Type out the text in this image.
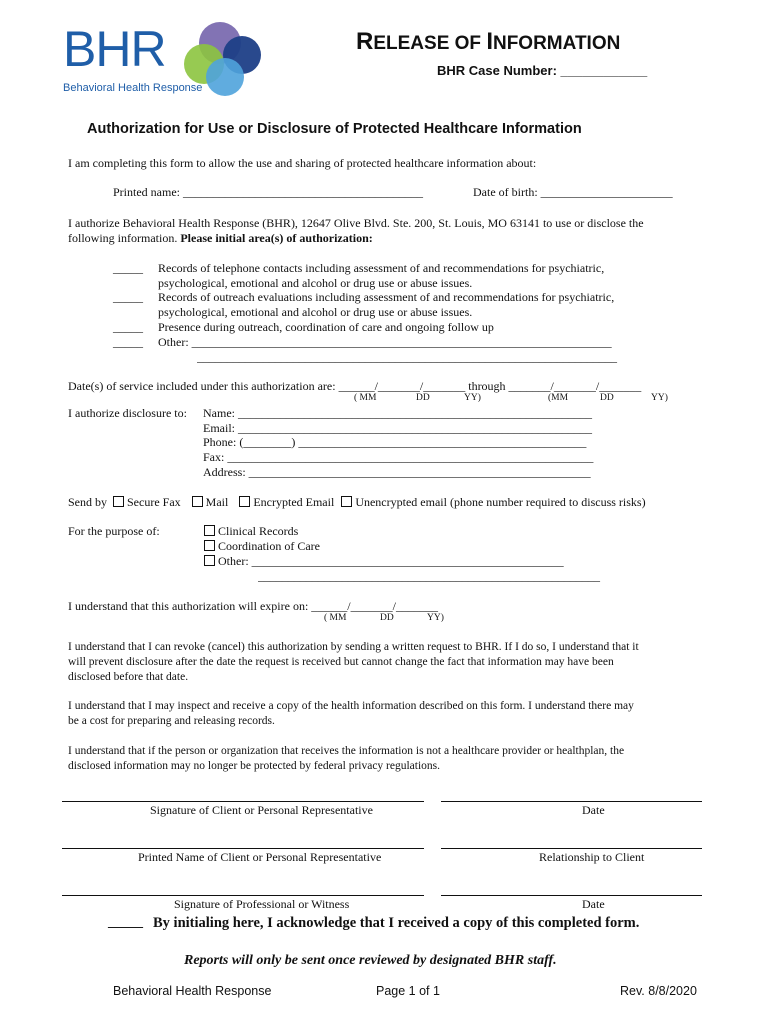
BHR
Behavioral Health Response
RELEASE OF INFORMATION
BHR Case Number: ____________
Authorization for Use or Disclosure of Protected Healthcare Information
I am completing this form to allow the use and sharing of protected healthcare information about:
Printed name: ________________________________________	Date of birth: ______________________
I authorize Behavioral Health Response (BHR), 12647 Olive Blvd. Ste. 200, St. Louis, MO 63141 to use or disclose the
following information. Please initial area(s) of authorization:
_____ Records of telephone contacts including assessment of and recommendations for psychiatric,
psychological, emotional and alcohol or drug use or abuse issues.
_____ Records of outreach evaluations including assessment of and recommendations for psychiatric,
psychological, emotional and alcohol or drug use or abuse issues.
_____ Presence during outreach, coordination of care and ongoing follow up
_____ Other: ______________________________________________________________________
______________________________________________________________________
Date(s) of service included under this authorization are: ______/_______/_______ through _______/_______/_______
( MM	DD	YY)	(MM	DD	YY)
I authorize disclosure to: Name: ___________________________________________________________
Email: ___________________________________________________________
Phone: (________) ________________________________________________
Fax: _____________________________________________________________
Address: _________________________________________________________
Send by Secure Fax Mail Encrypted Email Unencrypted email (phone number required to discuss risks)
For the purpose of:	Clinical Records
Coordination of Care
Other: ____________________________________________________
_________________________________________________________
I understand that this authorization will expire on: ______/_______/_______
( MM	DD	YY)
I understand that I can revoke (cancel) this authorization by sending a written request to BHR. If I do so, I understand that it
will prevent disclosure after the date the request is received but cannot change the fact that information may have been
disclosed before that date.
I understand that I may inspect and receive a copy of the health information described on this form. I understand there may
be a cost for preparing and releasing records.
I understand that if the person or organization that receives the information is not a healthcare provider or healthplan, the
disclosed information may no longer be protected by federal privacy regulations.
Signature of Client or Personal Representative	Date
Printed Name of Client or Personal Representative	Relationship to Client
Signature of Professional or Witness	Date
_____ By initialing here, I acknowledge that I received a copy of this completed form.
Reports will only be sent once reviewed by designated BHR staff.
Behavioral Health Response	Page 1 of 1	Rev. 8/8/2020
